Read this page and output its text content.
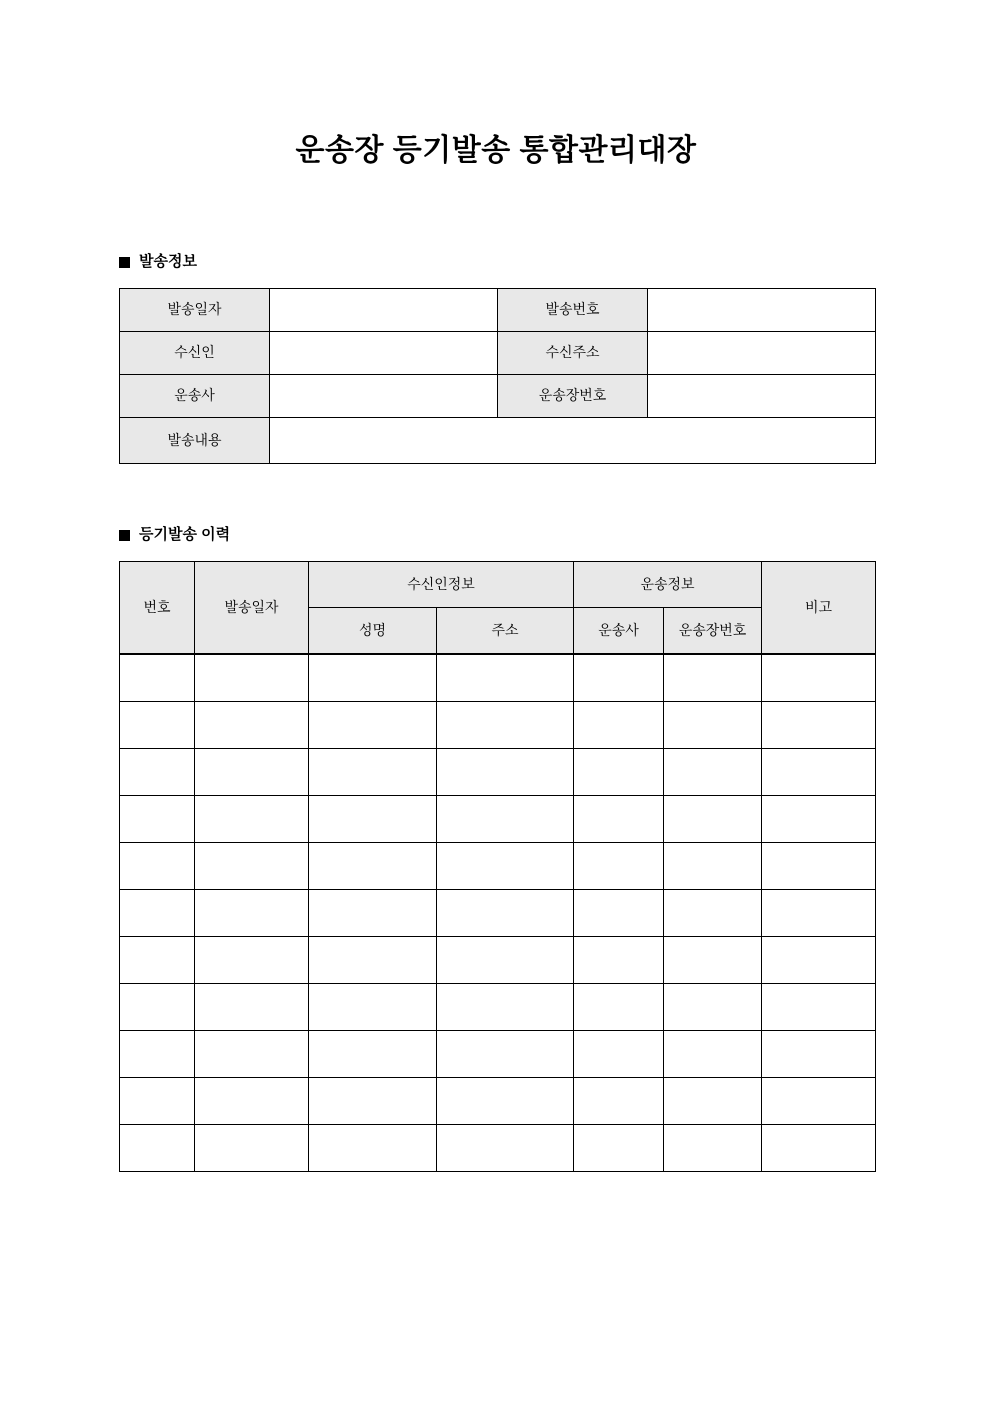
운송장 등기발송 통합관리대장
발송정보
발송일자		발송번호	
수신인		수신주소	
운송사		운송장번호	
발송내용			
등기발송 이력
번호	발송일자	수신인정보		운송정보		비고
		성명	주소	운송사	운송장번호	
